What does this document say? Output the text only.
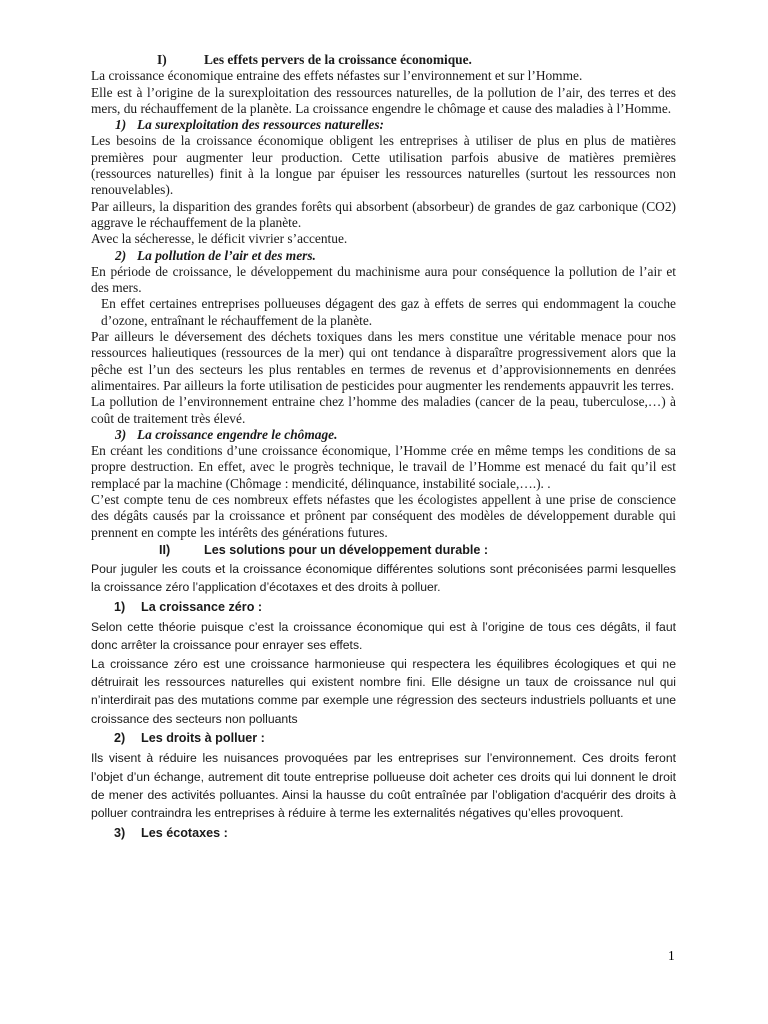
I)	Les effets pervers de la croissance économique.

La croissance économique entraine des effets néfastes sur l’environnement et sur l’Homme.

Elle est à l’origine de la surexploitation des ressources naturelles, de la pollution de l’air, des terres et des mers, du réchauffement de la planète. La croissance engendre le chômage et cause des maladies à l’Homme.

1) La surexploitation des ressources naturelles:

Les besoins de la croissance économique obligent les entreprises à utiliser de plus en plus de matières premières pour augmenter leur production. Cette utilisation parfois abusive de matières premières (ressources naturelles) finit à la longue par épuiser les ressources naturelles (surtout les ressources non renouvelables).

Par ailleurs, la disparition des grandes forêts qui absorbent (absorbeur) de grandes de gaz carbonique (CO2) aggrave le réchauffement de la planète.

Avec la sécheresse, le déficit vivrier s’accentue.

2) La pollution de l’air et des mers.

En période de croissance, le développement du machinisme aura pour conséquence la pollution de l’air et des mers.

En effet certaines entreprises pollueuses dégagent des gaz à effets de serres qui endommagent la couche d’ozone, entraînant le réchauffement de la planète.

Par ailleurs le déversement des déchets toxiques dans les mers constitue une véritable menace pour nos ressources halieutiques (ressources de la mer) qui ont tendance à disparaître progressivement alors que la pêche est l’un des secteurs les plus rentables en termes de revenus et d’approvisionnements en denrées alimentaires. Par ailleurs la forte utilisation de pesticides pour augmenter les rendements appauvrit les terres.

La pollution de l’environnement entraine chez l’homme des maladies (cancer de la peau, tuberculose,…) à coût de traitement très élevé.

3) La croissance engendre le chômage.

En créant les conditions d’une croissance économique, l’Homme crée en même temps les conditions de sa propre destruction. En effet, avec le progrès technique, le travail de l’Homme est menacé du fait qu’il est remplacé par la machine (Chômage : mendicité, délinquance, instabilité sociale,….). .

C’est compte tenu de ces nombreux effets néfastes que les écologistes appellent à une prise de conscience des dégâts causés par la croissance et prônent par conséquent des modèles de développement durable qui prennent en compte les intérêts des générations futures.

II)	Les solutions pour un développement durable :

Pour juguler les couts et la croissance économique différentes solutions sont préconisées parmi lesquelles la croissance zéro l’application d’écotaxes et des droits à polluer.

1) La croissance zéro :

Selon cette théorie puisque c’est la croissance économique qui est à l’origine de tous ces dégâts, il faut donc arrêter la croissance pour enrayer ses effets.

La croissance zéro est une croissance harmonieuse qui respectera les équilibres écologiques et qui ne détruirait les ressources naturelles qui existent nombre fini. Elle désigne un taux de croissance nul qui n’interdirait pas des mutations comme par exemple une régression des secteurs industriels polluants et une croissance des secteurs non polluants

2) Les droits à polluer :

Ils visent à réduire les nuisances provoquées par les entreprises sur l’environnement. Ces droits feront l’objet d’un échange, autrement dit toute entreprise pollueuse doit acheter ces droits qui lui donnent le droit de mener des activités polluantes. Ainsi la hausse du coût entraînée par l’obligation d'acquérir des droits à polluer contraindra les entreprises à réduire à terme les externalités négatives qu’elles provoquent.

3) Les écotaxes :

1
